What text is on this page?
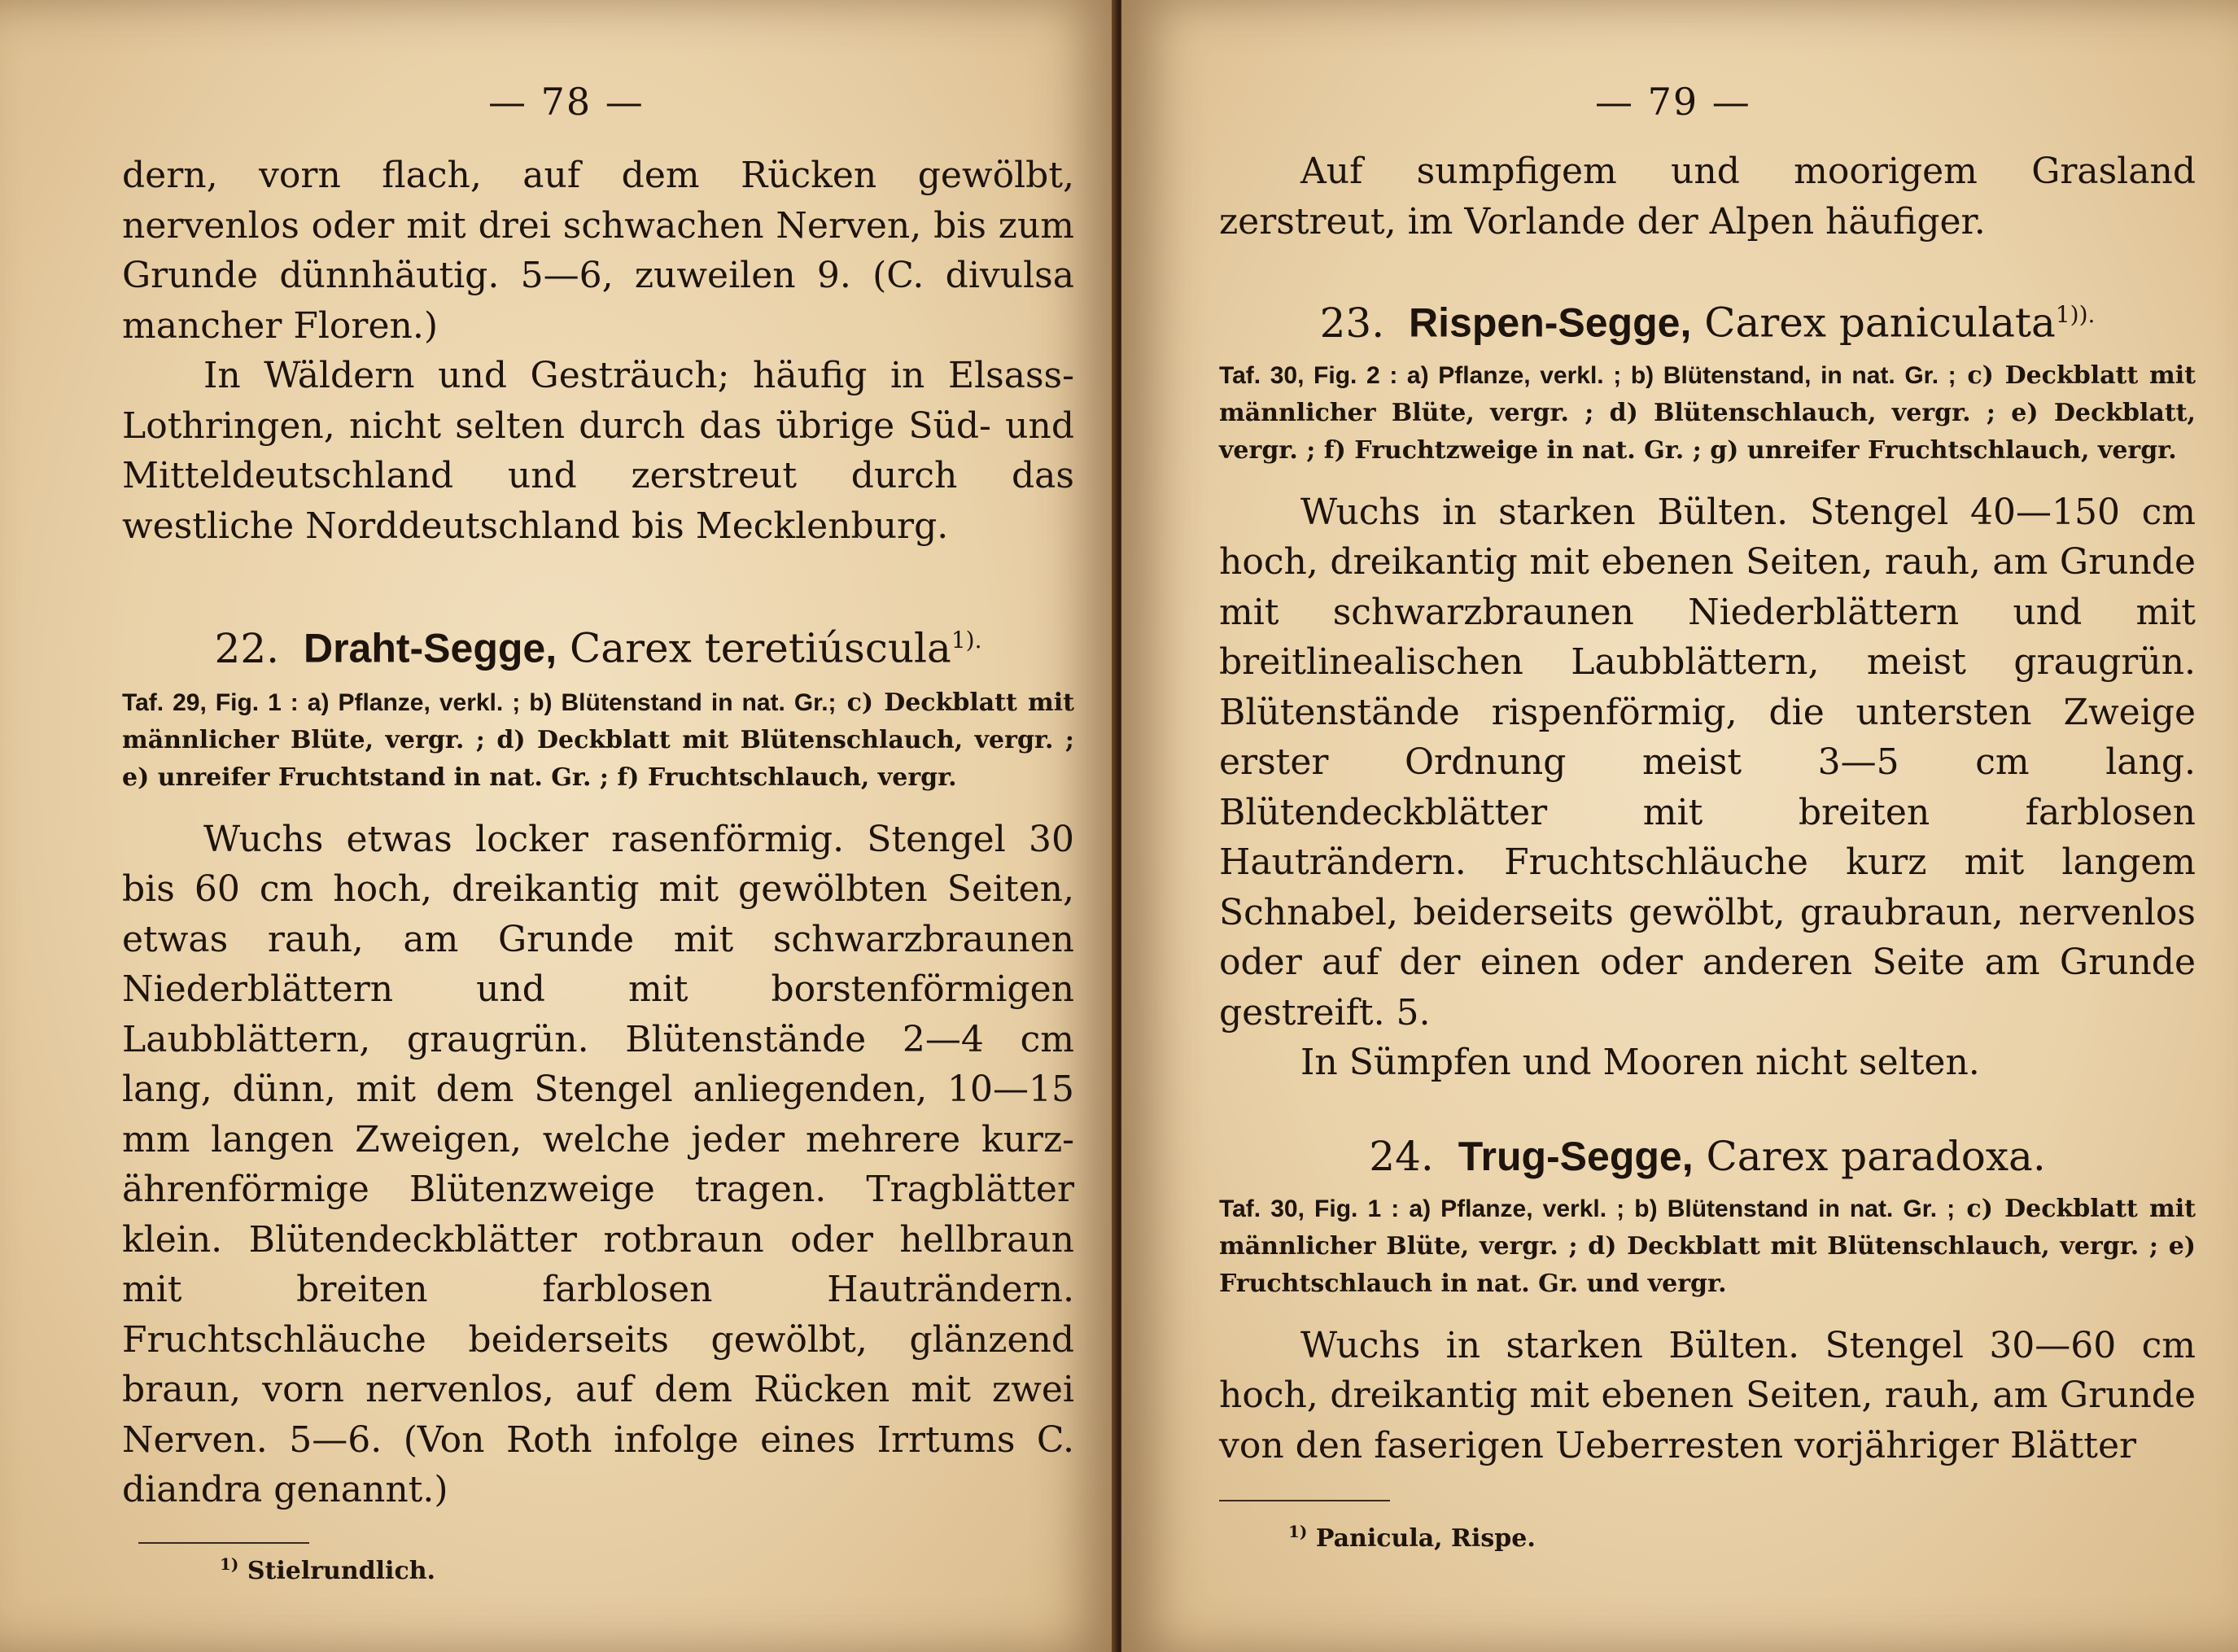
— 78 —

dern, vorn flach, auf dem Rücken gewölbt, nervenlos oder mit drei schwachen Nerven, bis zum Grunde dünnhäutig. 5—6, zuweilen 9. (C. divulsa mancher Floren.)

In Wäldern und Gesträuch; häufig in Elsass-Lothringen, nicht selten durch das übrige Süd- und Mitteldeutschland und zerstreut durch das westliche Norddeutschland bis Mecklenburg.

22. Draht-Segge, Carex teretiúscula$^{1).}$

Taf. 29, Fig. 1 : a) Pflanze, verkl. ; b) Blütenstand in nat. Gr.; c) Deckblatt mit männlicher Blüte, vergr. ; d) Deckblatt mit Blütenschlauch, vergr. ; e) unreifer Fruchtstand in nat. Gr. ; f) Fruchtschlauch, vergr.

Wuchs etwas locker rasenförmig. Stengel 30 bis 60 cm hoch, dreikantig mit gewölbten Seiten, etwas rauh, am Grunde mit schwarzbraunen Niederblättern und mit borstenförmigen Laubblättern, graugrün. Blütenstände 2—4 cm lang, dünn, mit dem Stengel anliegenden, 10—15 mm langen Zweigen, welche jeder mehrere kurz-ährenförmige Blütenzweige tragen. Tragblätter klein. Blütendeckblätter rotbraun oder hellbraun mit breiten farblosen Hauträndern. Fruchtschläuche beiderseits gewölbt, glänzend braun, vorn nervenlos, auf dem Rücken mit zwei Nerven. 5—6. (Von Roth infolge eines Irrtums C. diandra genannt.)

$^{1)}$ Stielrundlich.
— 79 —

Auf sumpfigem und moorigem Grasland zerstreut, im Vorlande der Alpen häufiger.

23. Rispen-Segge, Carex paniculata$^{1)).}$

Taf. 30, Fig. 2 : a) Pflanze, verkl. ; b) Blütenstand, in nat. Gr. ; c) Deckblatt mit männlicher Blüte, vergr. ; d) Blütenschlauch, vergr. ; e) Deckblatt, vergr. ; f) Fruchtzweige in nat. Gr. ; g) unreifer Fruchtschlauch, vergr.

Wuchs in starken Bülten. Stengel 40—150 cm hoch, dreikantig mit ebenen Seiten, rauh, am Grunde mit schwarzbraunen Niederblättern und mit breitlinealischen Laubblättern, meist graugrün. Blütenstände rispenförmig, die untersten Zweige erster Ordnung meist 3—5 cm lang. Blütendeckblätter mit breiten farblosen Hauträndern. Fruchtschläuche kurz mit langem Schnabel, beiderseits gewölbt, graubraun, nervenlos oder auf der einen oder anderen Seite am Grunde gestreift. 5.

In Sümpfen und Mooren nicht selten.

24. Trug-Segge, Carex paradoxa.

Taf. 30, Fig. 1 : a) Pflanze, verkl. ; b) Blütenstand in nat. Gr. ; c) Deckblatt mit männlicher Blüte, vergr. ; d) Deckblatt mit Blütenschlauch, vergr. ; e) Fruchtschlauch in nat. Gr. und vergr.

Wuchs in starken Bülten. Stengel 30—60 cm hoch, dreikantig mit ebenen Seiten, rauh, am Grunde von den faserigen Ueberresten vorjähriger Blätter

$^{1)}$ Panicula, Rispe.
